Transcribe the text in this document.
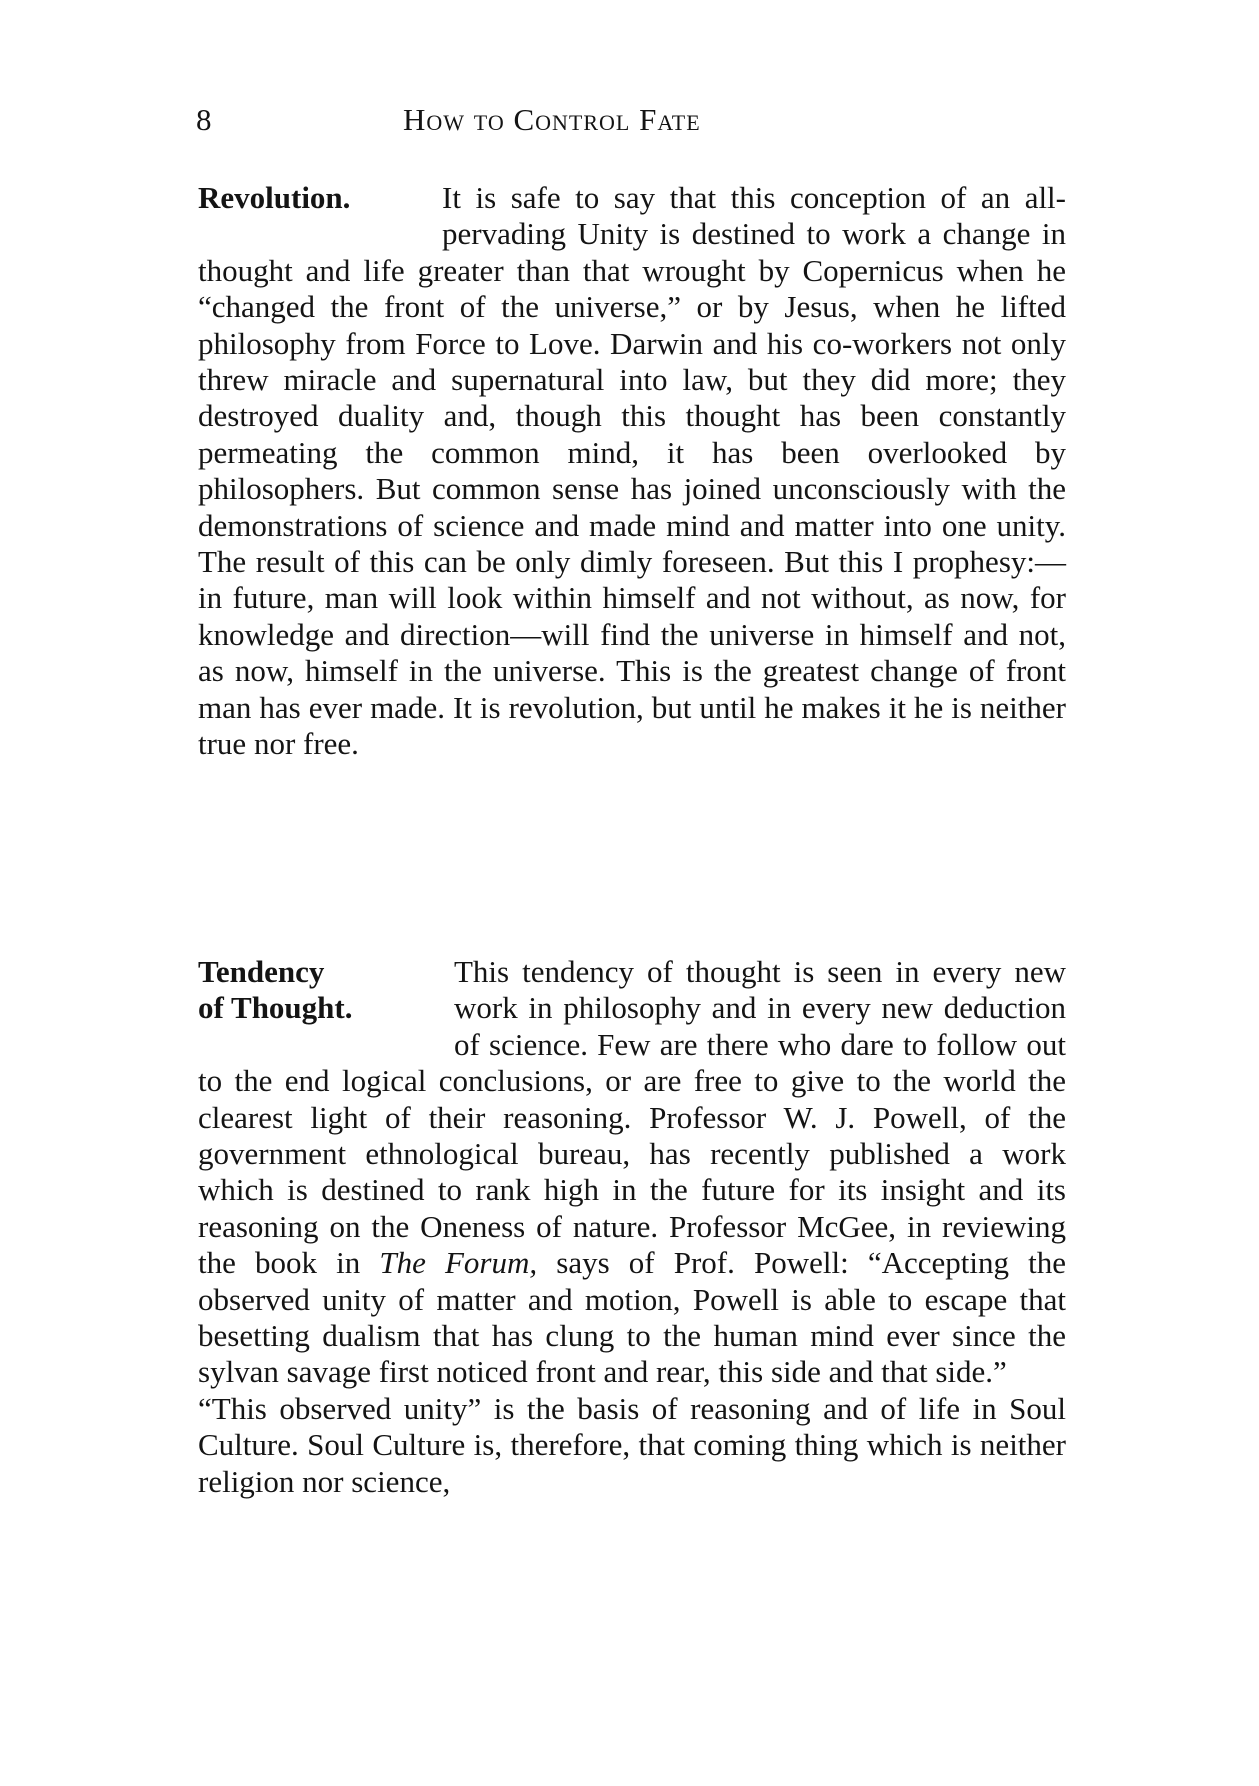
8	How to Control Fate
Revolution.	It is safe to say that this conception of an all-pervading Unity is destined to work a change in thought and life greater than that wrought by Copernicus when he “changed the front of the universe,” or by Jesus, when he lifted philosophy from Force to Love. Darwin and his co-workers not only threw miracle and supernatural into law, but they did more; they destroyed duality and, though this thought has been constantly permeating the common mind, it has been overlooked by philosophers. But common sense has joined unconsciously with the demonstrations of science and made mind and matter into one unity. The result of this can be only dimly foreseen. But this I prophesy:—in future, man will look within himself and not without, as now, for knowledge and direction—will find the universe in himself and not, as now, himself in the universe. This is the greatest change of front man has ever made. It is revolution, but until he makes it he is neither true nor free.
Tendency
of Thought.
This tendency of thought is seen in every new work in philosophy and in every new deduction of science. Few are there who dare to follow out to the end logical conclusions, or are free to give to the world the clearest light of their reasoning. Professor W. J. Powell, of the government ethnological bureau, has recently published a work which is destined to rank high in the future for its insight and its reasoning on the Oneness of nature. Professor McGee, in reviewing the book in The Forum, says of Prof. Powell: “Accepting the observed unity of matter and motion, Powell is able to escape that besetting dualism that has clung to the human mind ever since the sylvan savage first noticed front and rear, this side and that side.”
“This observed unity” is the basis of reasoning and of life in Soul Culture. Soul Culture is, therefore, that coming thing which is neither religion nor science,
